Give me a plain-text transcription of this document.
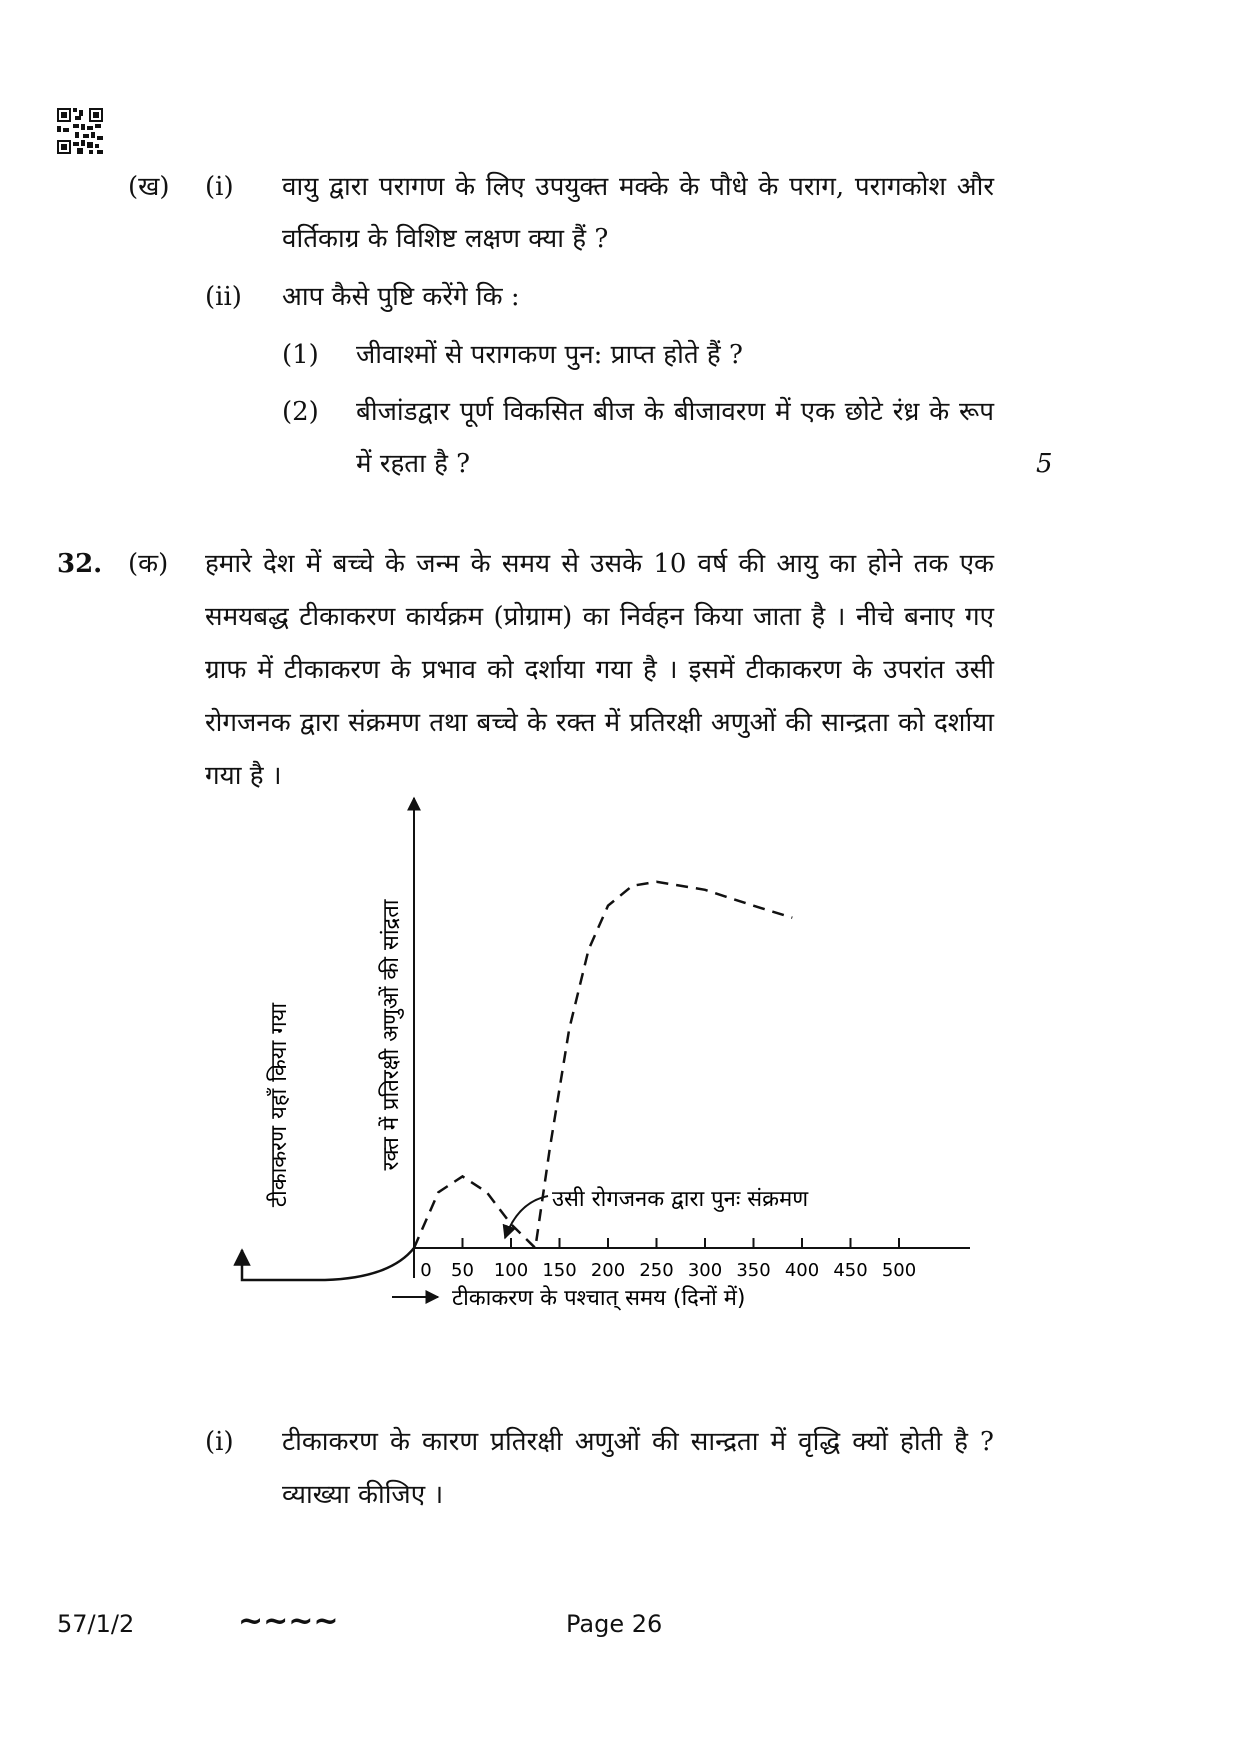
(ख) (i) वायु द्वारा परागण के लिए उपयुक्त मक्के के पौधे के पराग, परागकोश और
वर्तिकाग्र के विशिष्ट लक्षण क्या हैं ?
(ii) आप कैसे पुष्टि करेंगे कि :
(1) जीवाश्मों से परागकण पुन: प्राप्त होते हैं ?
(2) बीजांडद्वार पूर्ण विकसित बीज के बीजावरण में एक छोटे रंध्र के रूप
में रहता है ?	5
32. (क) हमारे देश में बच्चे के जन्म के समय से उसके 10 वर्ष की आयु का होने तक एक
समयबद्ध टीकाकरण कार्यक्रम (प्रोग्राम) का निर्वहन किया जाता है । नीचे बनाए गए
ग्राफ में टीकाकरण के प्रभाव को दर्शाया गया है । इसमें टीकाकरण के उपरांत उसी
रोगजनक द्वारा संक्रमण तथा बच्चे के रक्त में प्रतिरक्षी अणुओं की सान्द्रता को दर्शाया
गया है ।
0 50 100 150 200 250 300 350 400 450 500
रक्त में प्रतिरक्षी अणुओं की सांद्रता
टीकाकरण यहाँ किया गया	उसी रोगजनक द्वारा पुनः संक्रमण
टीकाकरण के पश्चात् समय (दिनों में)
(i) टीकाकरण के कारण प्रतिरक्षी अणुओं की सान्द्रता में वृद्धि क्यों होती है ?
व्याख्या कीजिए ।
57/1/2	~~~~	Page 26
